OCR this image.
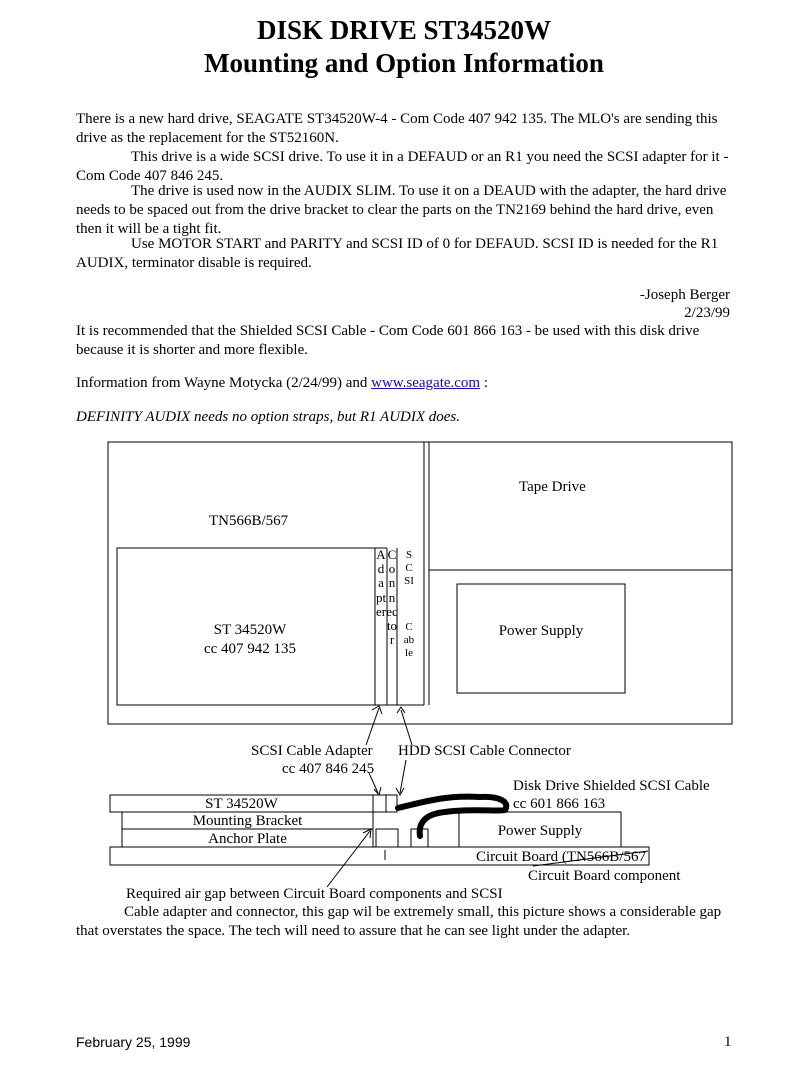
DISK DRIVE ST34520W
Mounting and Option Information

There is a new hard drive, SEAGATE ST34520W-4 - Com Code 407 942 135. The MLO's are sending this drive as the replacement for the ST52160N.

This drive is a wide SCSI drive. To use it in a DEFAUD or an R1 you need the SCSI adapter for it - Com Code 407 846 245.

The drive is used now in the AUDIX SLIM. To use it on a DEAUD with the adapter, the hard drive needs to be spaced out from the drive bracket to clear the parts on the TN2169 behind the hard drive, even then it will be a tight fit.

Use MOTOR START and PARITY and SCSI ID of 0 for DEFAUD. SCSI ID is needed for the R1 AUDIX, terminator disable is required.

-Joseph Berger
2/23/99

It is recommended that the Shielded SCSI Cable - Com Code 601 866 163 - be used with this disk drive because it is shorter and more flexible.

Information from Wayne Motycka (2/24/99) and www.seagate.com :

DEFINITY AUDIX needs no option straps, but R1 AUDIX does.

Tape Drive
TN566B/567
ST 34520W
cc 407 942 135
Adapter
Connector
SCSI
Cable
Power Supply
SCSI Cable Adapter
cc 407 846 245
HDD SCSI Cable Connector
Disk Drive Shielded SCSI Cable
cc 601 866 163
ST 34520W
Mounting Bracket
Anchor Plate	Power Supply
Circuit Board (TN566B/567
Circuit Board component
Required air gap between Circuit Board components and SCSI

Cable adapter and connector, this gap wil be extremely small, this picture shows a considerable gap that overstates the space. The tech will need to assure that he can see light under the adapter.

February 25, 1999	1
